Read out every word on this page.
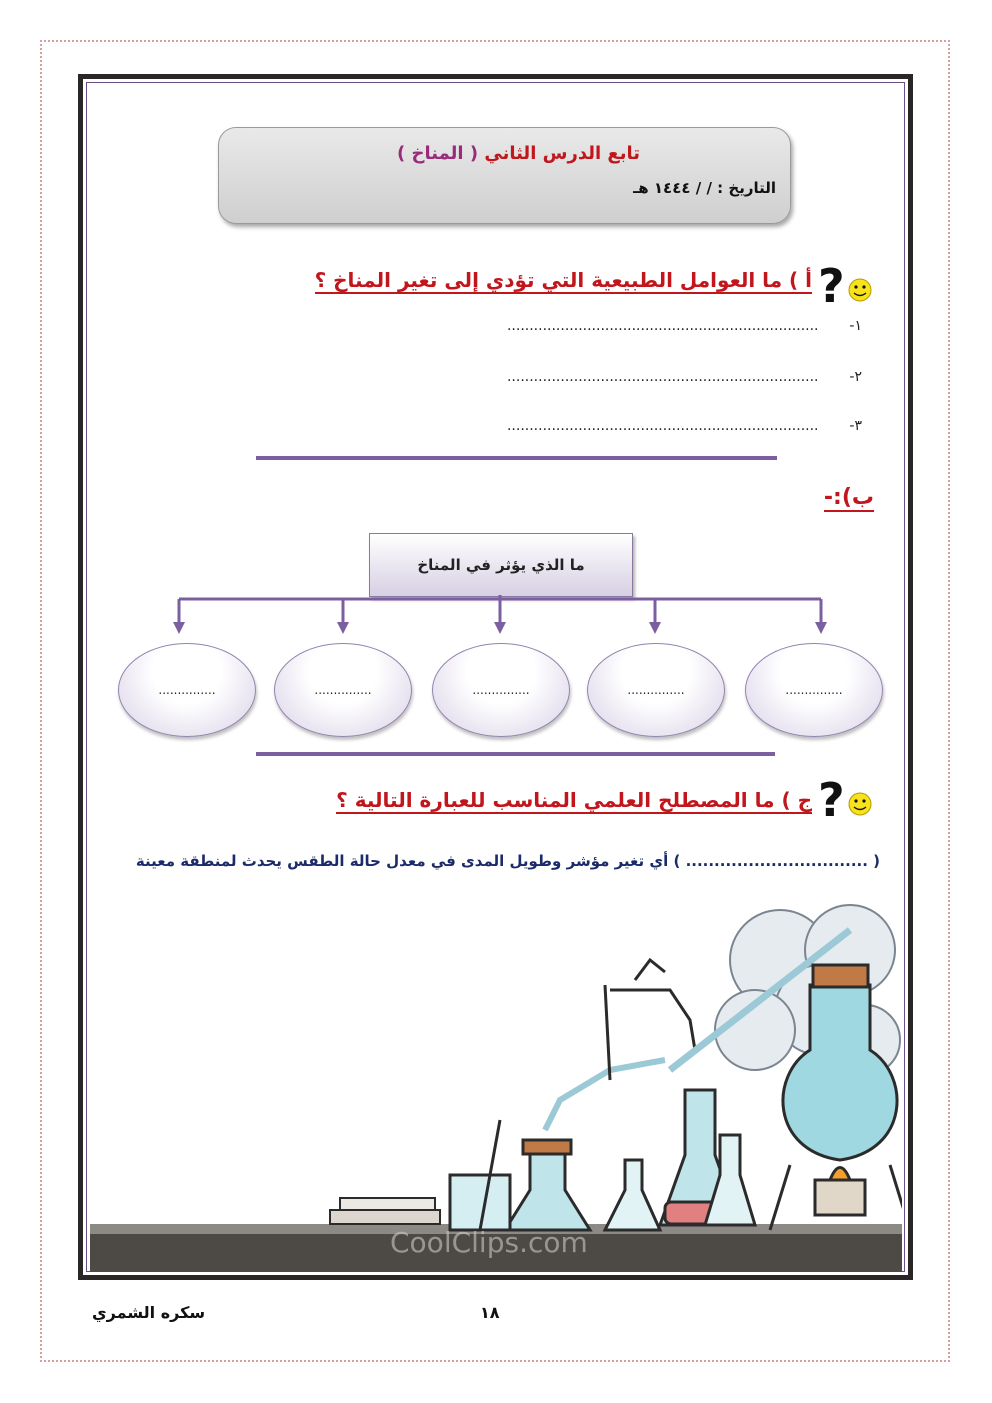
تابع الدرس الثاني ( المناخ )
التاريخ : / / ١٤٤٤ هـ
?
أ ) ما العوامل الطبيعية التي تؤدي إلى تغير المناخ ؟
١-  ......................................................................
٢-  ......................................................................
٣-  ......................................................................
ب):-
ما الذي يؤثر في المناخ
...............	...............	...............	...............	...............
?
ج ) ما المصطلح العلمي المناسب للعبارة التالية ؟
( ................................ ) أي تغير مؤشر وطويل المدى في معدل حالة الطقس يحدث لمنطقة معينة
CoolClips.com
سكره الشمري	١٨
